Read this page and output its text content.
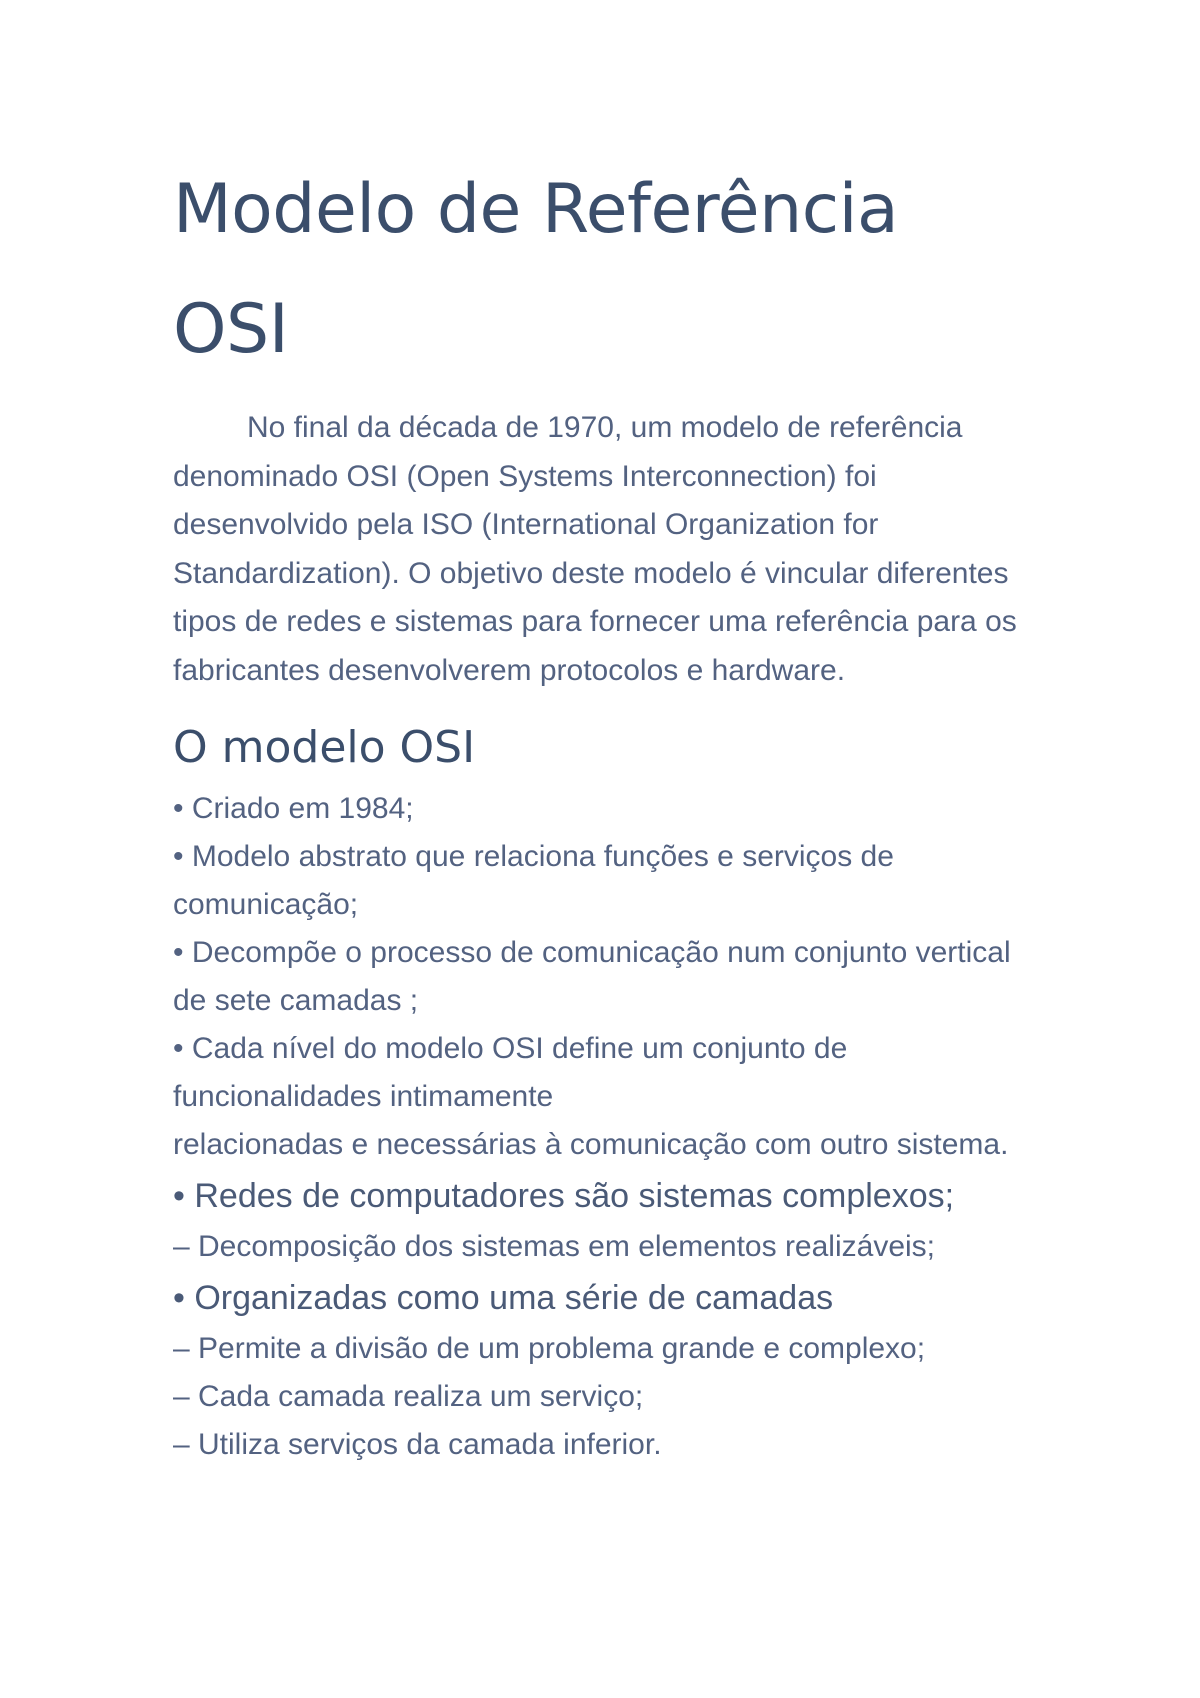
Modelo de Referência OSI

No final da década de 1970, um modelo de referência denominado OSI (Open Systems Interconnection) foi desenvolvido pela ISO (International Organization for Standardization). O objetivo deste modelo é vincular diferentes tipos de redes e sistemas para fornecer uma referência para os fabricantes desenvolverem protocolos e hardware.

O modelo OSI
• Criado em 1984;
• Modelo abstrato que relaciona funções e serviços de comunicação;
• Decompõe o processo de comunicação num conjunto vertical de sete camadas ;
• Cada nível do modelo OSI define um conjunto de funcionalidades intimamente
relacionadas e necessárias à comunicação com outro sistema.
• Redes de computadores são sistemas complexos;
– Decomposição dos sistemas em elementos realizáveis;
• Organizadas como uma série de camadas
– Permite a divisão de um problema grande e complexo;
– Cada camada realiza um serviço;
– Utiliza serviços da camada inferior.
